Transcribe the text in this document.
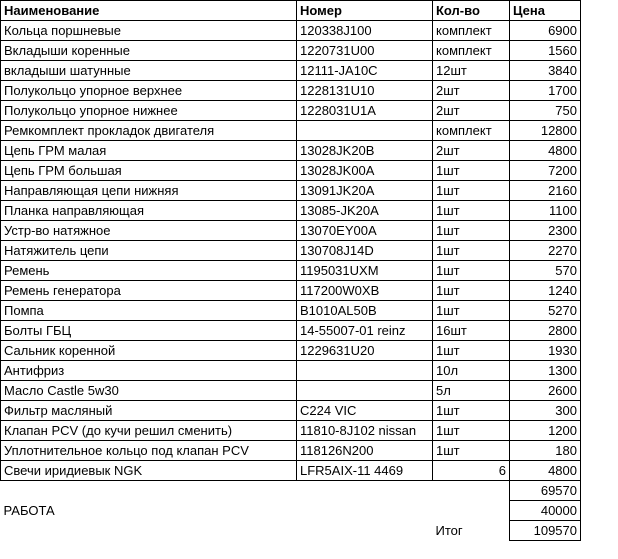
Наименование	Номер	Кол-во	Цена
Кольца поршневые	120338J100	комплект	6900
Вкладыши коренные	1220731U00	комплект	1560
вкладыши шатунные	12111-JA10C	12шт	3840
Полукольцо упорное верхнее	1228131U10	2шт	1700
Полукольцо упорное нижнее	1228031U1A	2шт	750
Ремкомплект прокладок двигателя		комплект	12800
Цепь ГРМ малая	13028JK20B	2шт	4800
Цепь ГРМ большая	13028JK00A	1шт	7200
Направляющая цепи нижняя	13091JK20A	1шт	2160
Планка направляющая	13085-JK20A	1шт	1100
Устр-во натяжное	13070EY00A	1шт	2300
Натяжитель цепи	130708J14D	1шт	2270
Ремень	1195031UXM	1шт	570
Ремень генератора	117200W0XB	1шт	1240
Помпа	B1010AL50B	1шт	5270
Болты ГБЦ	14-55007-01 reinz	16шт	2800
Сальник коренной	1229631U20	1шт	1930
Антифриз		10л	1300
Масло Castle 5w30		5л	2600
Фильтр масляный	C224 VIC	1шт	300
Клапан PCV (до кучи решил сменить)	11810-8J102 nissan	1шт	1200
Уплотнительное кольцо под клапан PCV	118126N200	1шт	180
Свечи иридиевык NGK	LFR5AIX-11 4469	6	4800
			69570
РАБОТА			40000
		Итог	109570
